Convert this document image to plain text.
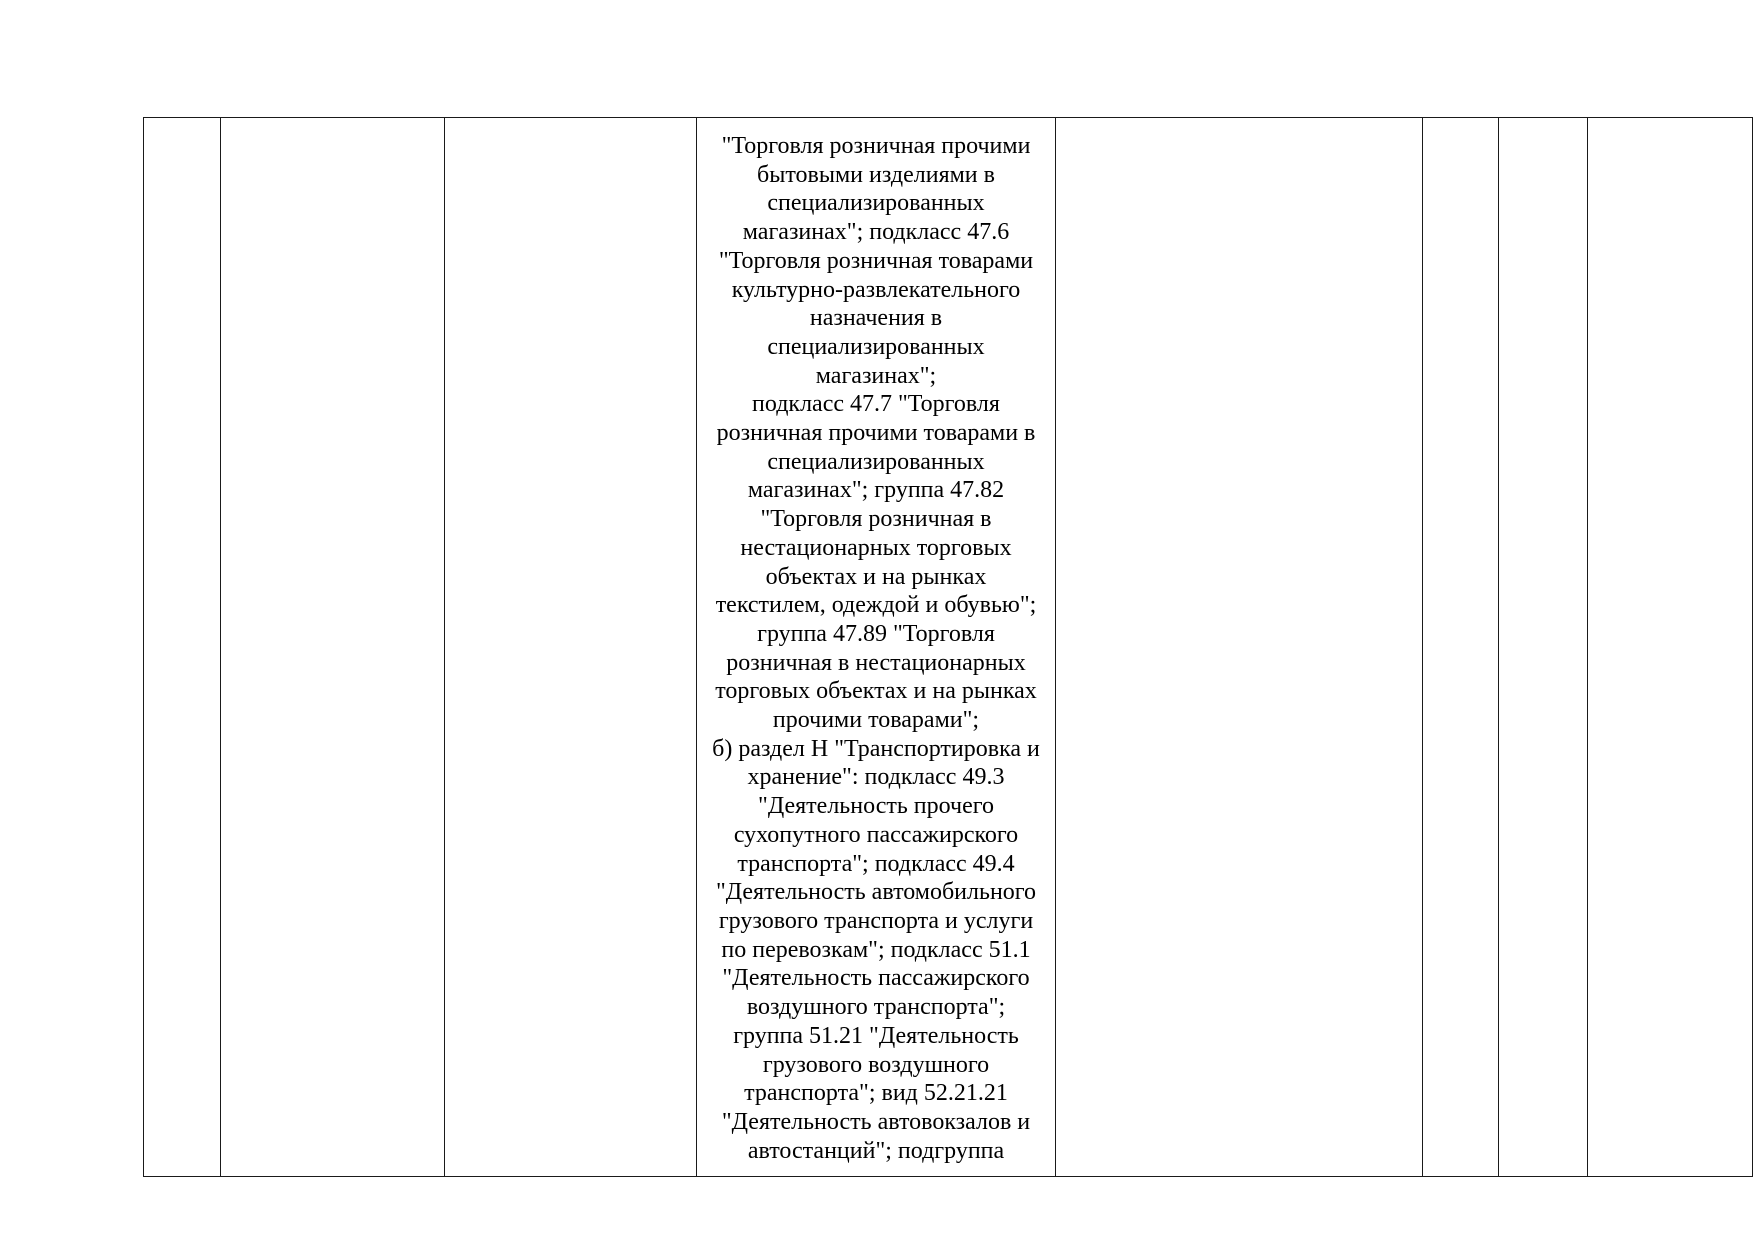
"Торговля розничная прочими
бытовыми изделиями в
специализированных
магазинах"; подкласс 47.6
"Торговля розничная товарами
культурно-развлекательного
назначения в
специализированных
магазинах";
подкласс 47.7 "Торговля
розничная прочими товарами в
специализированных
магазинах"; группа 47.82
"Торговля розничная в
нестационарных торговых
объектах и на рынках
текстилем, одеждой и обувью";
группа 47.89 "Торговля
розничная в нестационарных
торговых объектах и на рынках
прочими товарами";
б) раздел H "Транспортировка и
хранение": подкласс 49.3
"Деятельность прочего
сухопутного пассажирского
транспорта"; подкласс 49.4
"Деятельность автомобильного
грузового транспорта и услуги
по перевозкам"; подкласс 51.1
"Деятельность пассажирского
воздушного транспорта";
группа 51.21 "Деятельность
грузового воздушного
транспорта"; вид 52.21.21
"Деятельность автовокзалов и
автостанций"; подгруппа
